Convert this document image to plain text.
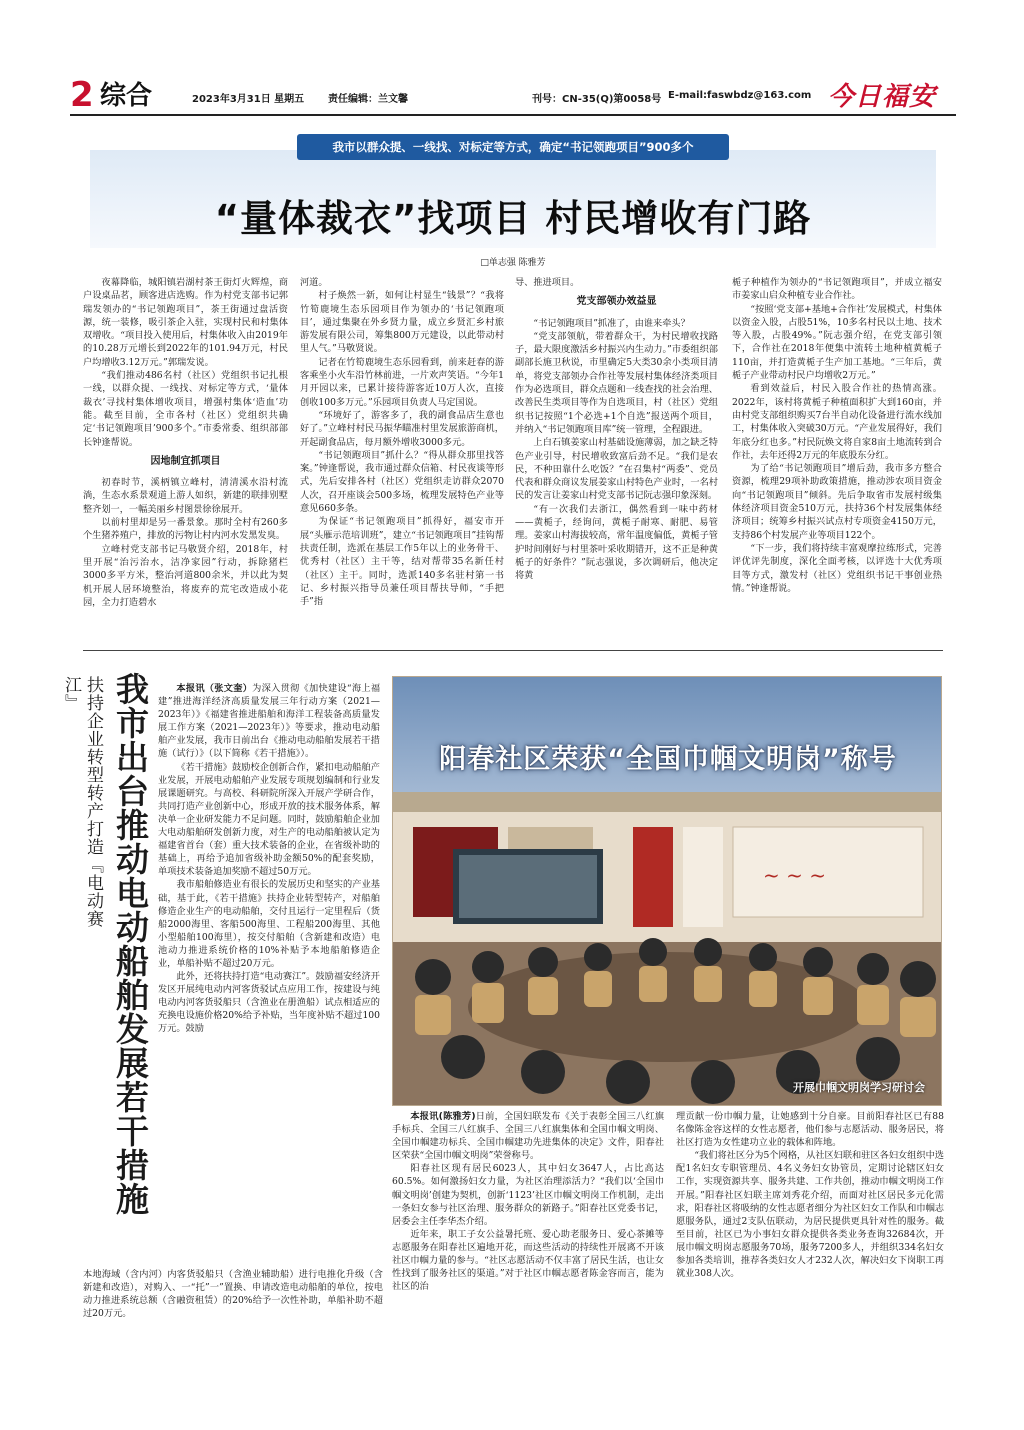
2 综合	2023年3月31日 星期五 责任编辑：兰文馨	刊号：CN-35(Q)第0058号 E-mail:faswbdz@163.com 今日福安
我市以群众提、一线找、对标定等方式，确定“书记领跑项目”900多个
“量体裁衣”找项目 村民增收有门路
□单志强 陈雅芳

夜幕降临，城阳镇岩湖村茶王街灯火辉煌，商户设桌品茗，顾客进店选购。作为村党支部书记郭瑞发领办的“书记领跑项目”，茶王街通过盘活资源，统一装修，吸引茶企入驻，实现村民和村集体双增收。“项目投入使用后，村集体收入由2019年的10.28万元增长到2022年的101.94万元，村民户均增收3.12万元。”郭瑞发说。

“我们推动486名村（社区）党组织书记扎根一线，以群众提、一线找、对标定等方式，‘量体裁衣’寻找村集体增收项目，增强村集体‘造血’功能。截至目前，全市各村（社区）党组织共确定‘书记领跑项目’900多个。”市委常委、组织部部长钟逢帮说。

因地制宜抓项目

初春时节，溪柄镇立峰村，清清溪水沿村流淌，生态水系景观道上游人如织，新建的联排别墅整齐划一，一幅美丽乡村图景徐徐展开。

以前村里却是另一番景象。那时全村有260多个生猪养殖户，排放的污物让村内河水发黑发臭。

立峰村党支部书记马敬贤介绍，2018年，村里开展“治污治水，洁净家园”行动，拆除猪栏3000多平方米，整治河道800余米，并以此为契机开展人居环境整治，将废弃的荒宅改造成小花园，全力打造碧水

河道。

村子焕然一新，如何让村显生“钱景”？“我将竹筍鹿境生态乐园项目作为领办的‘书记领跑项目’，通过集聚在外乡贤力量，成立乡贤汇乡村旅游发展有限公司，筹集800万元建设，以此带动村里人气。”马敬贤说。

记者在竹筍鹿境生态乐园看到，前来赶春的游客乘坐小火车沿竹林前进，一片欢声笑语。“今年1月开园以来，已累计接待游客近10万人次，直接创收100多万元。”乐园项目负责人马定国说。

“环境好了，游客多了，我的副食品店生意也好了。”立峰村村民马振华瞄准村里发展旅游商机，开起副食品店，每月额外增收3000多元。

“书记领跑项目”抓什么？“得从群众那里找答案。”钟逢帮说，我市通过群众信箱、村民夜谈等形式，先后安排各村（社区）党组织走访群众2070人次，召开座谈会500多场，梳理发展特色产业等意见660多条。

为保证“书记领跑项目”抓得好，福安市开展“头雁示范培训班”，建立“书记领跑项目”挂钩帮扶责任制，选派在基层工作5年以上的业务骨干、优秀村（社区）主干等，结对帮带35名新任村（社区）主干。同时，选派140多名驻村第一书记、乡村振兴指导员兼任项目帮扶导师，“手把手”指

导、推进项目。

党支部领办效益显

“书记领跑项目”抓准了，由谁来牵头？

“党支部领航，带着群众干，为村民增收找路子，最大限度激活乡村振兴内生动力。”市委组织部副部长施卫秋说，市里确定5大类30余小类项目清单，将党支部领办合作社等发展村集体经济类项目作为必选项目，群众点题和一线查找的社会治理、改善民生类项目等作为自选项目，村（社区）党组织书记按照“1个必选+1个自选”报送两个项目，并纳入“书记领跑项目库”统一管理，全程跟进。

上白石镇姜家山村基础设施薄弱，加之缺乏特色产业引导，村民增收致富后劲不足。“我们是农民，不种田靠什么吃饭？”在召集村“两委”、党员代表和群众商议发展姜家山村特色产业时，一名村民的发言让姜家山村党支部书记阮志强印象深刻。

“有一次我们去浙江，偶然看到一味中药材——黄栀子，经询问，黄栀子耐寒、耐肥、易管理。姜家山村海拔较高，常年温度偏低，黄栀子管护时间刚好与村里茶叶采收期错开，这不正是种黄栀子的好条件？”阮志强说，多次调研后，他决定将黄

栀子种植作为领办的“书记领跑项目”，并成立福安市姜家山启众种植专业合作社。

“按照‘党支部+基地+合作社’发展模式，村集体以资金入股，占股51%，10多名村民以土地、技术等入股，占股49%。”阮志强介绍，在党支部引领下，合作社在2018年便集中流转土地种植黄栀子110亩，并打造黄栀子生产加工基地。“三年后，黄栀子产业带动村民户均增收2万元。”

看到效益后，村民入股合作社的热情高涨。2022年，该村将黄栀子种植面积扩大到160亩，并由村党支部组织购买7台半自动化设备进行流水线加工，村集体收入突破30万元。“产业发展得好，我们年底分红也多。”村民阮焕文将自家8亩土地流转到合作社，去年还得2万元的年底股东分红。

为了给“书记领跑项目”增后劲，我市多方整合资源，梳理29项补助政策措施，推动涉农项目资金向“书记领跑项目”倾斜。先后争取省市发展村级集体经济项目资金510万元，扶持36个村发展集体经济项目；统筹乡村振兴试点村专项资金4150万元，支持86个村发展产业等项目122个。

“下一步，我们将持续丰富观摩拉练形式，完善评优评先制度，深化全面考核，以评选十大优秀项目等方式，激发村（社区）党组织书记干事创业热情。”钟逢帮说。

扶持企业转型转产打造『电动赛江』 我市出台推动电动船舶发展若干措施	本报讯（张文奎）为深入贯彻《加快建设“海上福建”推进海洋经济高质量发展三年行动方案（2021—2023年）》《福建省推进船舶和海洋工程装备高质量发展工作方案（2021—2023年）》等要求，推动电动船舶产业发展，我市日前出台《推动电动船舶发展若干措施（试行）》（以下简称《若干措施》）。

《若干措施》鼓励校企创新合作，紧扣电动船舶产业发展，开展电动船舶产业发展专项规划编制和行业发展课题研究。与高校、科研院所深入开展产学研合作，共同打造产业创新中心，形成开放的技术服务体系，解决单一企业研发能力不足问题。同时，鼓励船舶企业加大电动船舶研发创新力度，对生产的电动船舶被认定为福建省首台（套）重大技术装备的企业，在省级补助的基础上，再给予追加省级补助金额50%的配套奖励，单项技术装备追加奖励不超过50万元。

我市船舶修造业有很长的发展历史和坚实的产业基础，基于此，《若干措施》扶持企业转型转产，对船舶修造企业生产的电动船舶，交付且运行一定里程后（货船2000海里、客船500海里、工程船200海里、其他小型船舶100海里），按交付船舶（含新建和改造）电池动力推进系统价格的10%补贴予本地船舶修造企业，单船补贴不超过20万元。

此外，还将扶持打造“电动赛江”。鼓励福安经济开发区开展纯电动内河客货驳试点应用工作，按建设与纯电动内河客货驳船只（含渔业在册渔船）试点相适应的充换电设施价格20%给予补贴，当年度补贴不超过100万元。鼓励

本地海域（含内河）内客货驳船只（含渔业辅助船）进行电推化升级（含新建和改造），对购入、一“托”一”置换、申请改造电动船舶的单位，按电动力推进系统总额（含融资租赁）的20%给予一次性补助，单船补助不超过20万元。

~ ~ ~
阳春社区荣获“全国巾帼文明岗”称号
开展巾帼文明岗学习研讨会

本报讯(陈雅芳)日前，全国妇联发布《关于表彰全国三八红旗手标兵、全国三八红旗手、全国三八红旗集体和全国巾帼文明岗、全国巾帼建功标兵、全国巾帼建功先进集体的决定》文件，阳春社区荣获“全国巾帼文明岗”荣誉称号。

阳春社区现有居民6023人，其中妇女3647人，占比高达60.5%。如何激扬妇女力量，为社区治理添活力？“我们以‘全国巾帼文明岗’创建为契机，创新‘1123’社区巾帼文明岗工作机制，走出一条妇女参与社区治理、服务群众的新路子。”阳春社区党委书记，居委会主任李华杰介绍。

近年来，职工子女公益暑托班、爱心助老服务日、爱心茶摊等志愿服务在阳春社区遍地开花，而这些活动的持续性开展离不开该社区巾帼力量的参与。“社区志愿活动不仅丰富了居民生活，也让女性找到了服务社区的渠道。”对于社区巾帼志愿者陈金容而言，能为社区的治

理贡献一份巾帼力量，让她感到十分自豪。目前阳春社区已有88名像陈金容这样的女性志愿者，他们参与志愿活动、服务居民，将社区打造为女性建功立业的载体和阵地。

“我们将社区分为5个网格，从社区妇联和驻区各妇女组织中选配1名妇女专职管理员、4名义务妇女协管员，定期讨论辖区妇女工作，实现资源共享、服务共建、工作共创，推动巾帼文明岗工作开展。”阳春社区妇联主席刘秀花介绍，而面对社区居民多元化需求，阳春社区将吸纳的女性志愿者细分为社区妇女工作队和巾帼志愿服务队，通过2支队伍联动，为居民提供更具针对性的服务。截至目前，社区已为小事妇女群众提供各类业务查询32684次，开展巾帼文明岗志愿服务70场，服务7200多人，并组织334名妇女参加各类培训，推荐各类妇女人才232人次，解决妇女下岗职工再就业308人次。
